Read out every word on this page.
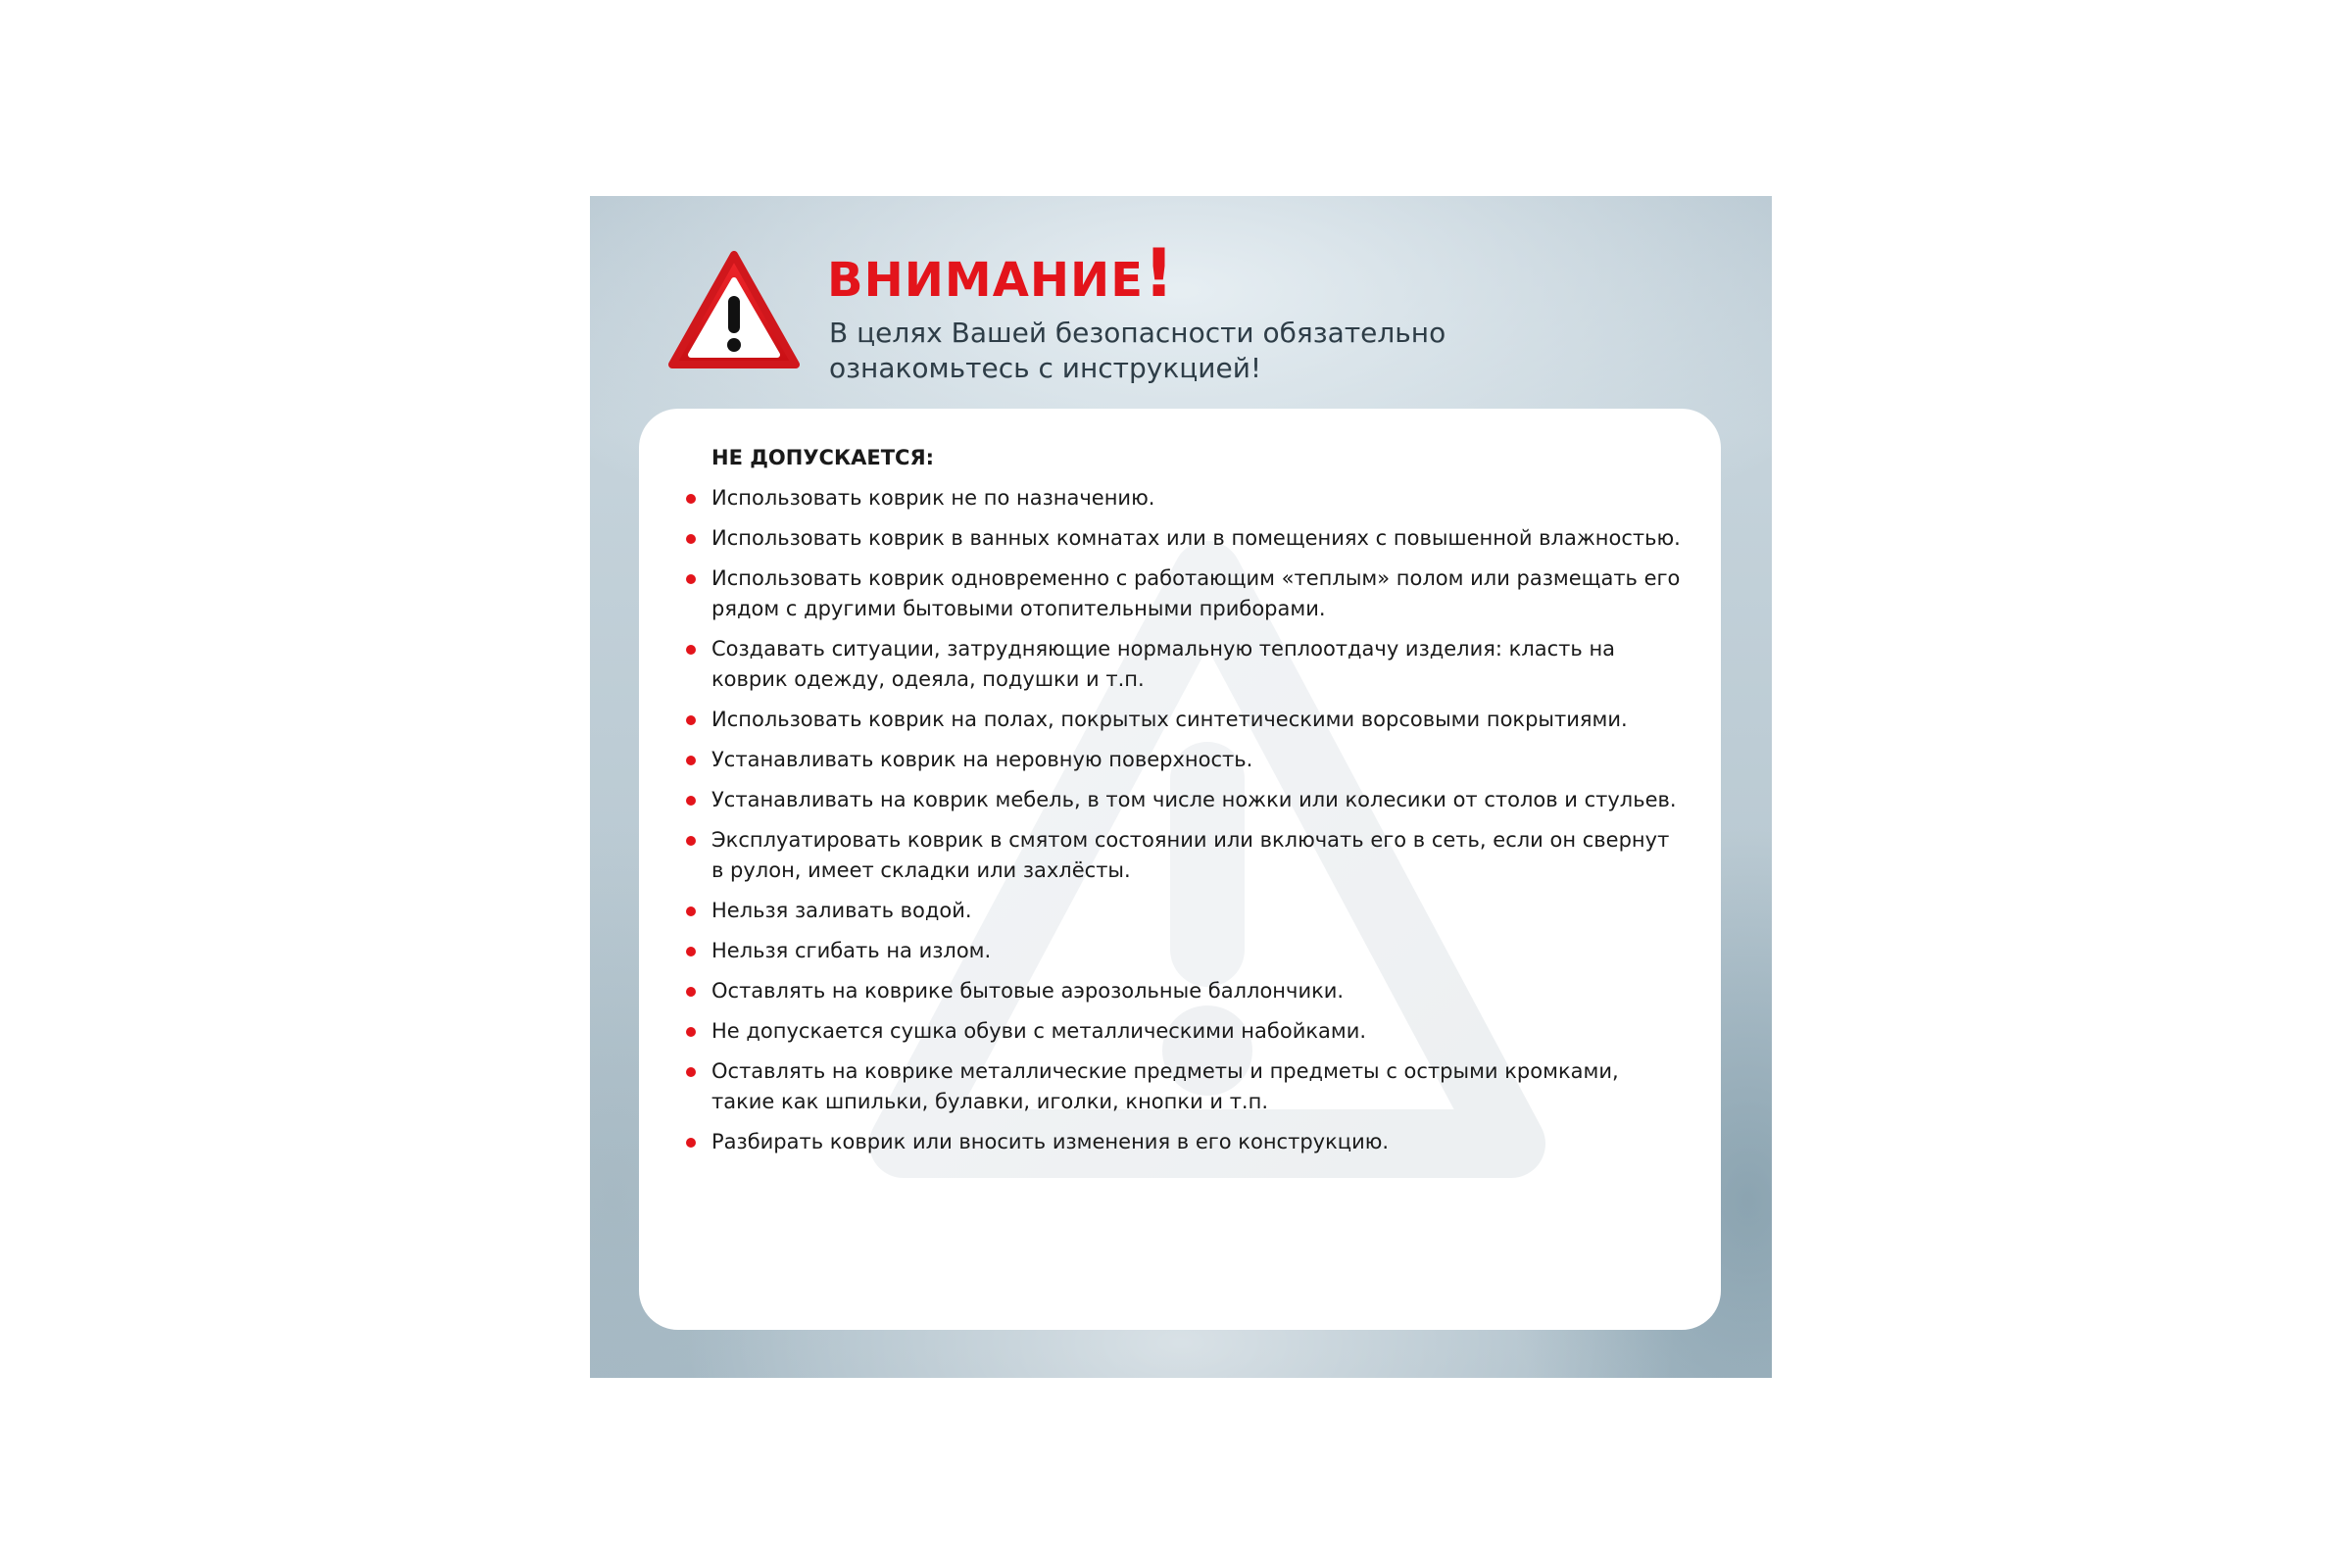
внимание!

В целях Вашей безопасности обязательно ознакомьтесь с инструкцией!

НЕ ДОПУСКАЕТСЯ:
Использовать коврик не по назначению.
Использовать коврик в ванных комнатах или в помещениях с повышенной влажностью.
Использовать коврик одновременно с работающим «теплым» полом или размещать его рядом с другими бытовыми отопительными приборами.
Создавать ситуации, затрудняющие нормальную теплоотдачу изделия: класть на коврик одежду, одеяла, подушки и т.п.
Использовать коврик на полах, покрытых синтетическими ворсовыми покрытиями.
Устанавливать коврик на неровную поверхность.
Устанавливать на коврик мебель, в том числе ножки или колесики от столов и стульев.
Эксплуатировать коврик в смятом состоянии или включать его в сеть, если он свернут в рулон, имеет складки или захлёсты.
Нельзя заливать водой.
Нельзя сгибать на излом.
Оставлять на коврике бытовые аэрозольные баллончики.
Не допускается сушка обуви с металлическими набойками.
Оставлять на коврике металлические предметы и предметы с острыми кромками, такие как шпильки, булавки, иголки, кнопки и т.п.
Разбирать коврик или вносить изменения в его конструкцию.
